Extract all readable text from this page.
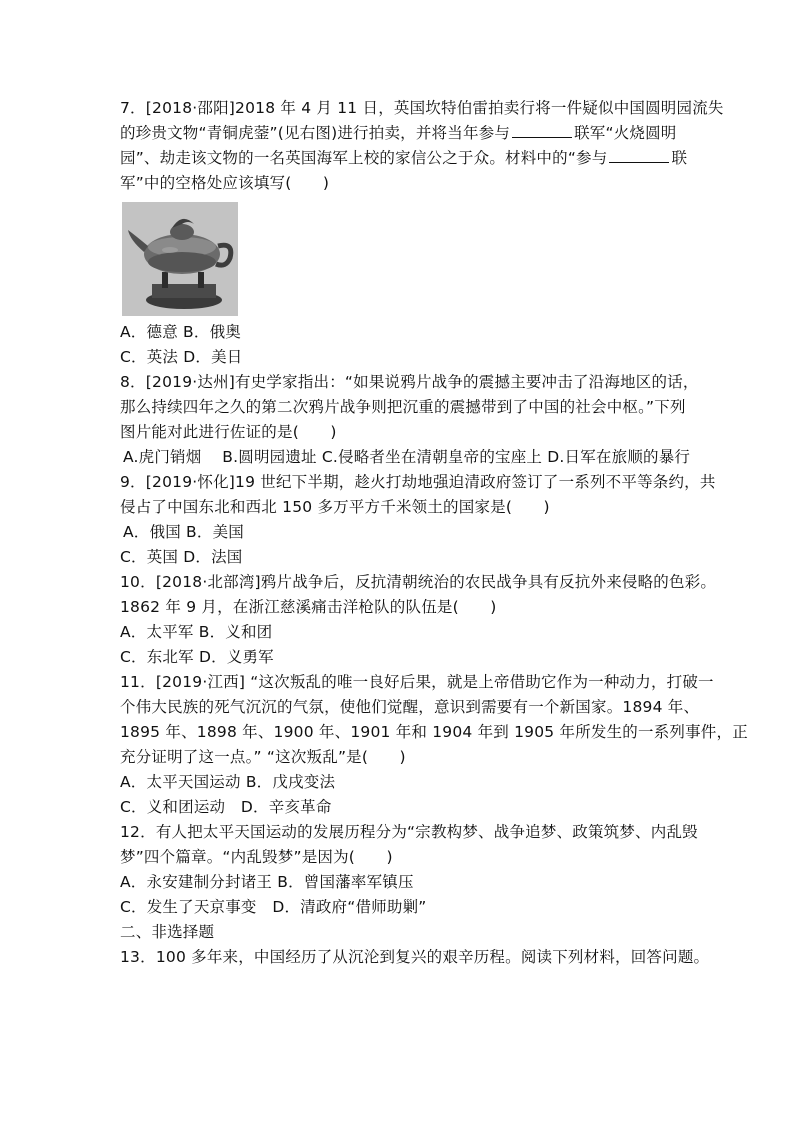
7．[2018·邵阳]2018 年 4 月 11 日，英国坎特伯雷拍卖行将一件疑似中国圆明园流失
的珍贵文物“青铜虎蓥”(见右图)进行拍卖，并将当年参与	联军“火烧圆明
园”、劫走该文物的一名英国海军上校的家信公之于众。材料中的“参与	联
军”中的空格处应该填写(　　)
A．德意 B．俄奥
C．英法 D．美日
8．[2019·达州]有史学家指出：“如果说鸦片战争的震撼主要冲击了沿海地区的话，
那么持续四年之久的第二次鸦片战争则把沉重的震撼带到了中国的社会中枢。”下列
图片能对此进行佐证的是(　　)
A.虎门销烟　 B.圆明园遗址 C.侵略者坐在清朝皇帝的宝座上 D.日军在旅顺的暴行
9．[2019·怀化]19 世纪下半期，趁火打劫地强迫清政府签订了一系列不平等条约，共
侵占了中国东北和西北 150 多万平方千米领土的国家是(　　)
A．俄国 B．美国
C．英国 D．法国
10．[2018·北部湾]鸦片战争后，反抗清朝统治的农民战争具有反抗外来侵略的色彩。
1862 年 9 月，在浙江慈溪痛击洋枪队的队伍是(　　)
A．太平军 B．义和团
C．东北军 D．义勇军
11．[2019·江西] “这次叛乱的唯一良好后果，就是上帝借助它作为一种动力，打破一
个伟大民族的死气沉沉的气氛，使他们觉醒，意识到需要有一个新国家。1894 年、
1895 年、1898 年、1900 年、1901 年和 1904 年到 1905 年所发生的一系列事件，正
充分证明了这一点。” “这次叛乱”是(　　)
A．太平天国运动 B．戊戌变法
C．义和团运动　D．辛亥革命
12．有人把太平天国运动的发展历程分为“宗教构梦、战争追梦、政策筑梦、内乱毁
梦”四个篇章。“内乱毁梦”是因为(　　)
A．永安建制分封诸王 B．曾国藩率军镇压
C．发生了天京事变　D．清政府“借师助剿”
二、非选择题
13．100 多年来，中国经历了从沉沦到复兴的艰辛历程。阅读下列材料，回答问题。
